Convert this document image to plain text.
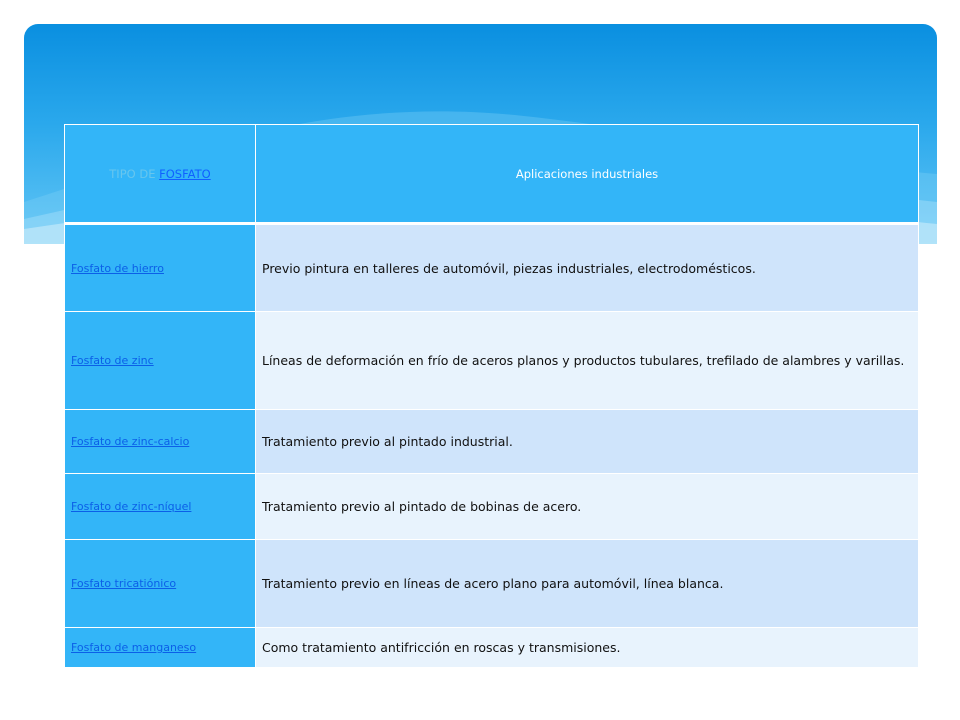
TIPO DE FOSFATO	Aplicaciones industriales
Fosfato de hierro	Previo pintura en talleres de automóvil, piezas industriales, electrodomésticos.
Fosfato de zinc	Líneas de deformación en frío de aceros planos y productos tubulares, trefilado de alambres y varillas.
Fosfato de zinc-calcio	Tratamiento previo al pintado industrial.
Fosfato de zinc-níquel	Tratamiento previo al pintado de bobinas de acero.
Fosfato tricatiónico	Tratamiento previo en líneas de acero plano para automóvil, línea blanca.
Fosfato de manganeso	Como tratamiento antifricción en roscas y transmisiones.
